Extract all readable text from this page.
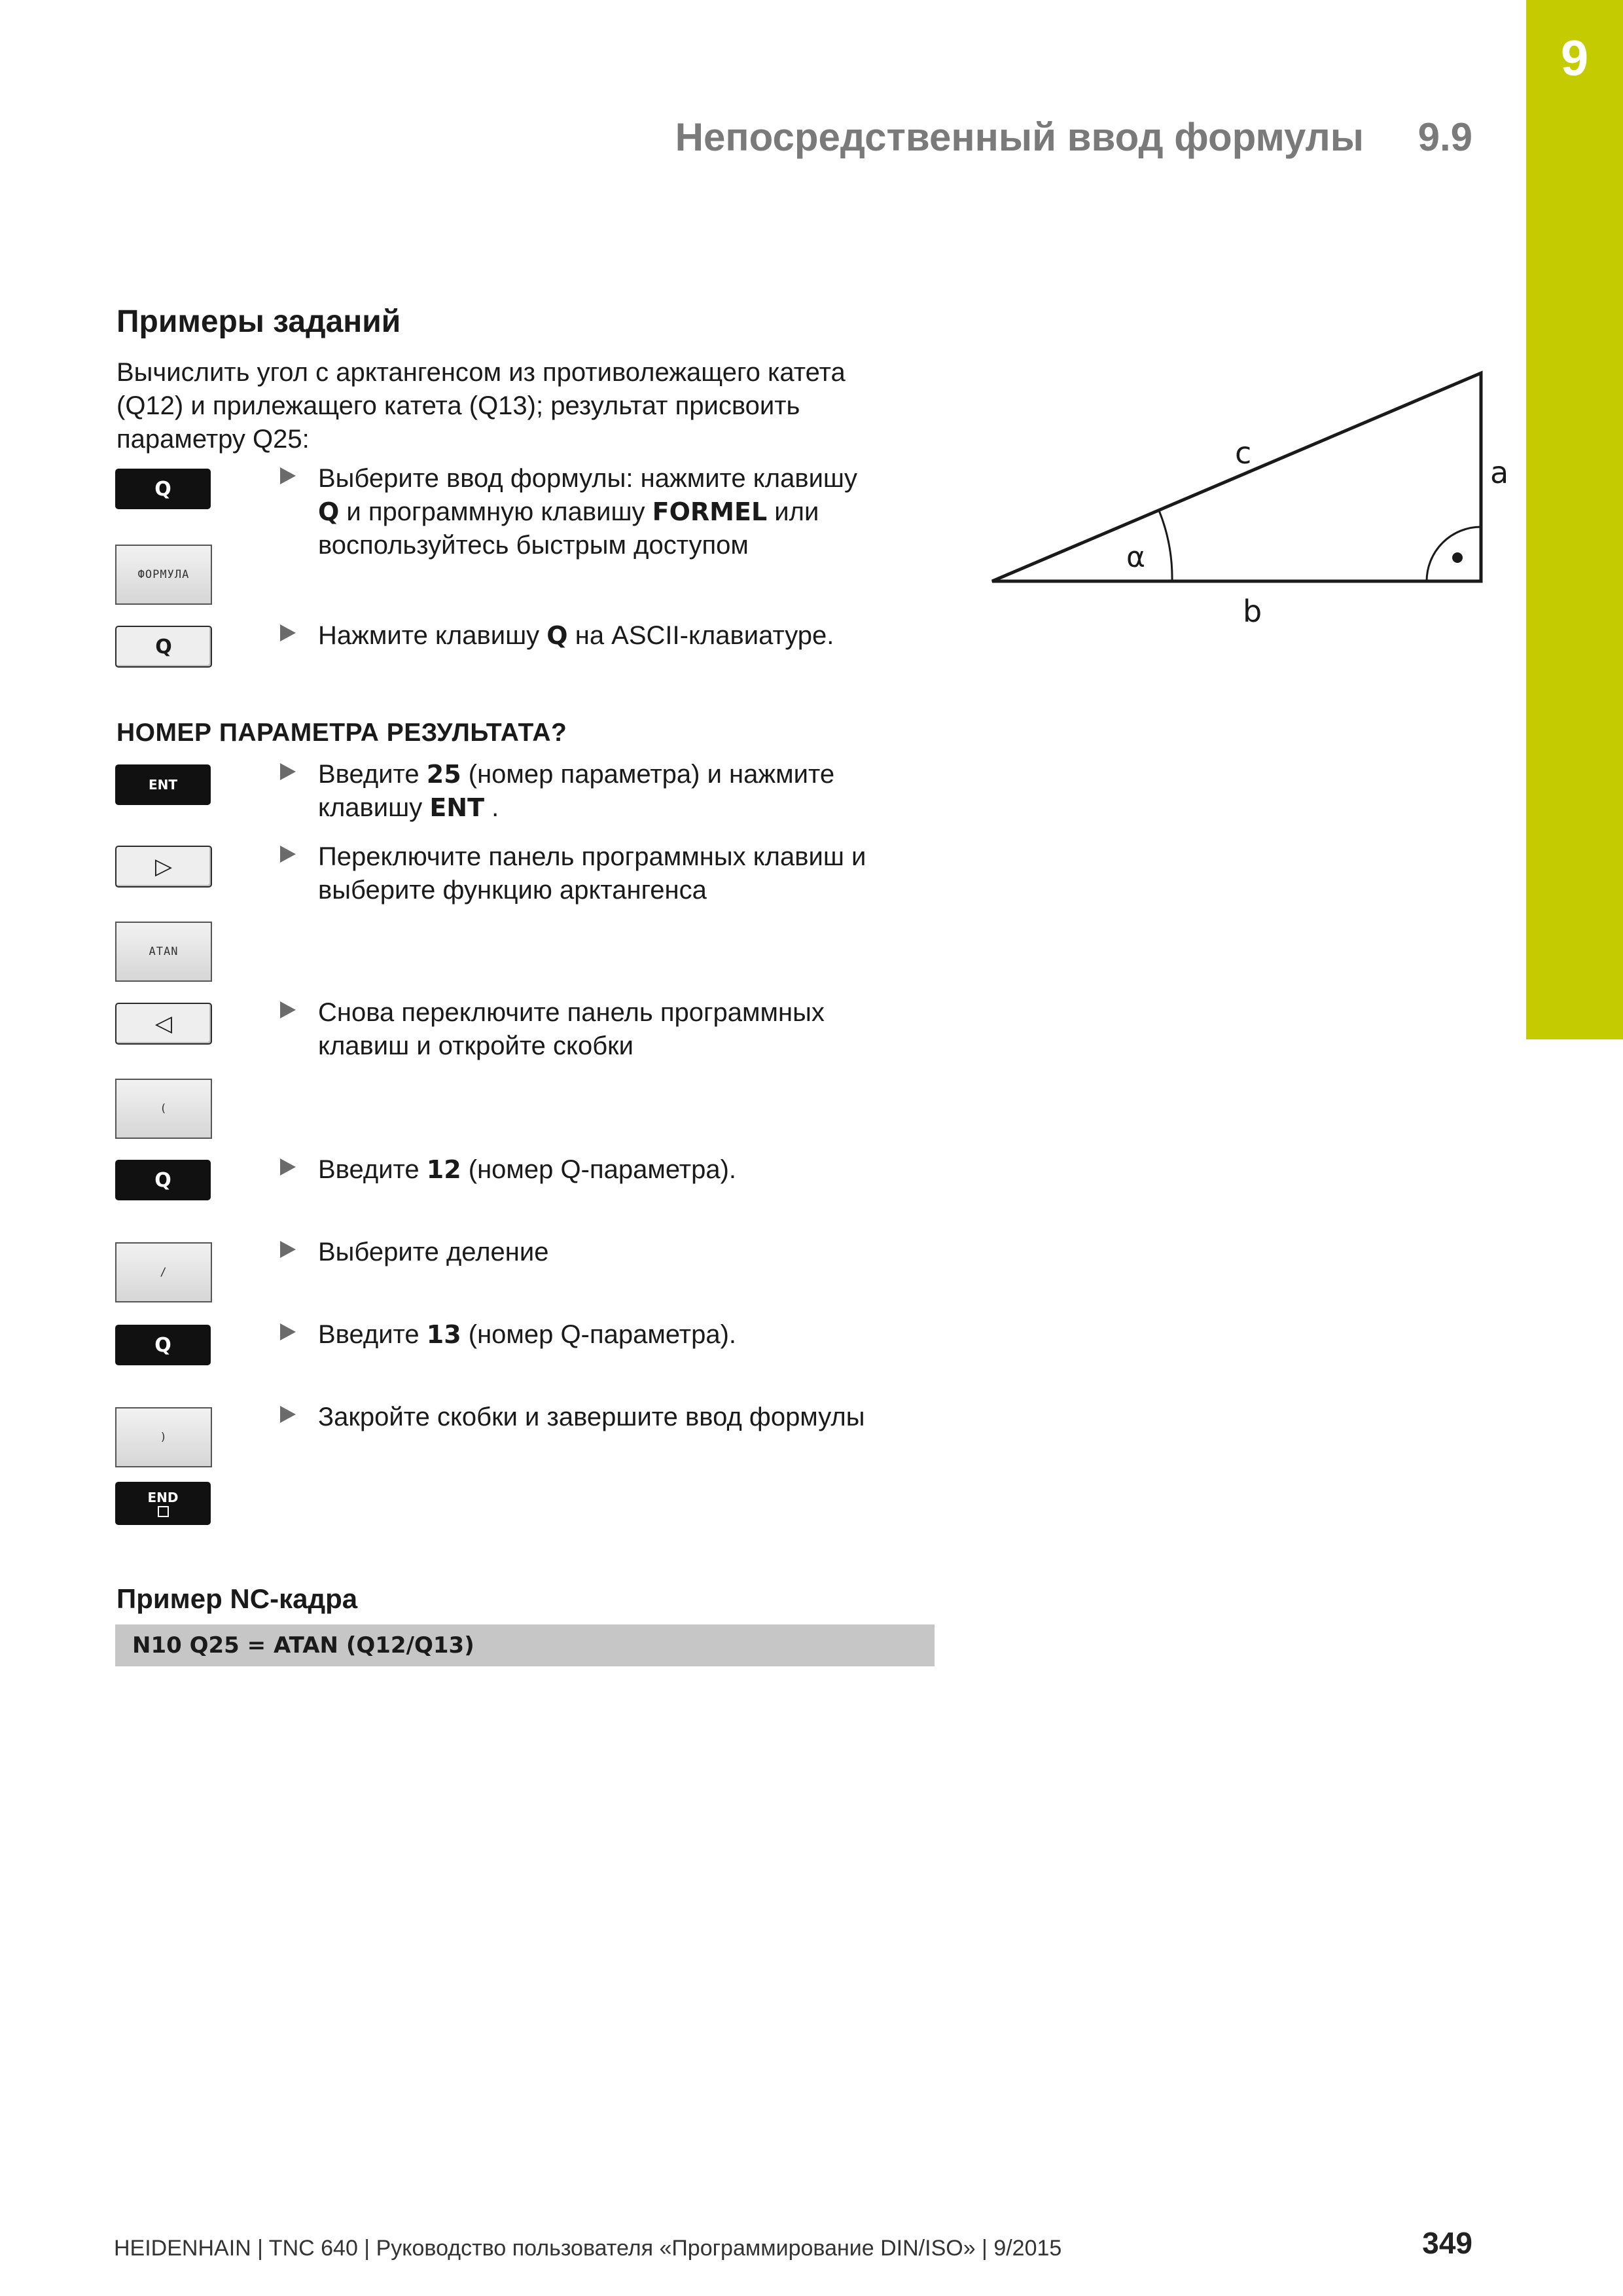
9
Непосредственный ввод формулы 9.9
Примеры заданий
Вычислить угол с арктангенсом из противолежащего катета
(Q12) и прилежащего катета (Q13); результат присвоить
параметру Q25:
Q
ФОРМУЛА
Выберите ввод формулы: нажмите клавишу
Q и программную клавишу FORMEL или
воспользуйтесь быстрым доступом
Q	Нажмите клавишу Q на ASCII-клавиатуре.
НОМЕР ПАРАМЕТРА РЕЗУЛЬТАТА?
ENT	Введите 25 (номер параметра) и нажмите
клавишу ENT .
▷
ATAN
Переключите панель программных клавиш и
выберите функцию арктангенса
◁
(
Снова переключите панель программных
клавиш и откройте скобки
Q	Введите 12 (номер Q-параметра).
/
Выберите деление
Q	Введите 13 (номер Q-параметра).
)
END
Закройте скобки и завершите ввод формулы
c
a
b
α
Пример NC-кадра
N10 Q25 = ATAN (Q12/Q13)
HEIDENHAIN | TNC 640 | Руководство пользователя «Программирование DIN/ISO» | 9/2015	349
